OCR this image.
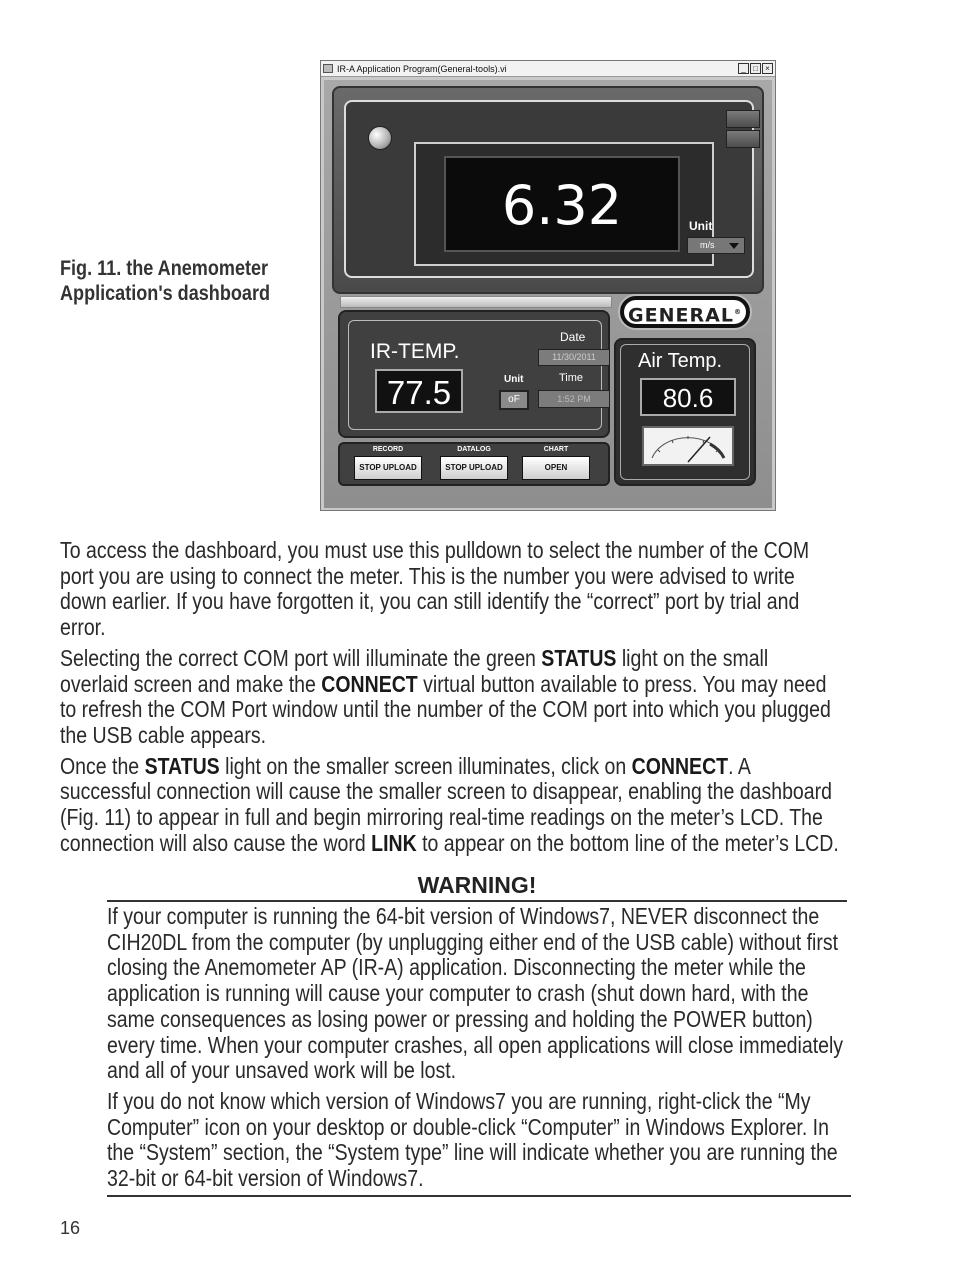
Fig. 11. the Anemometer
Application's dashboard
IR-A Application Program(General-tools).vi	_ □ ×
6.32	Unit
m/s
IR-TEMP.
77.5	Unit
oF
Date
11/30/2011
Time
1:52 PM
RECORD
STOP UPLOAD
DATALOG
STOP UPLOAD
CHART
OPEN
GENERAL®
Air Temp.
80.6

To access the dashboard, you must use this pulldown to select the number of the COM port you are using to connect the meter. This is the number you were advised to write down earlier. If you have forgotten it, you can still identify the “correct” port by trial and error.

Selecting the correct COM port will illuminate the green STATUS light on the small overlaid screen and make the CONNECT virtual button available to press. You may need to refresh the COM Port window until the number of the COM port into which you plugged the USB cable appears.

Once the STATUS light on the smaller screen illuminates, click on CONNECT. A successful connection will cause the smaller screen to disappear, enabling the dashboard (Fig. 11) to appear in full and begin mirroring real-time readings on the meter’s LCD. The connection will also cause the word LINK to appear on the bottom line of the meter’s LCD.

WARNING!

If your computer is running the 64-bit version of Windows7, NEVER disconnect the CIH20DL from the computer (by unplugging either end of the USB cable) without first closing the Anemometer AP (IR-A) application. Disconnecting the meter while the application is running will cause your computer to crash (shut down hard, with the same consequences as losing power or pressing and holding the POWER button) every time. When your computer crashes, all open applications will close immediately and all of your unsaved work will be lost.

If you do not know which version of Windows7 you are running, right-click the “My Computer” icon on your desktop or double-click “Computer” in Windows Explorer. In the “System” section, the “System type” line will indicate whether you are running the 32-bit or 64-bit version of Windows7.

16
